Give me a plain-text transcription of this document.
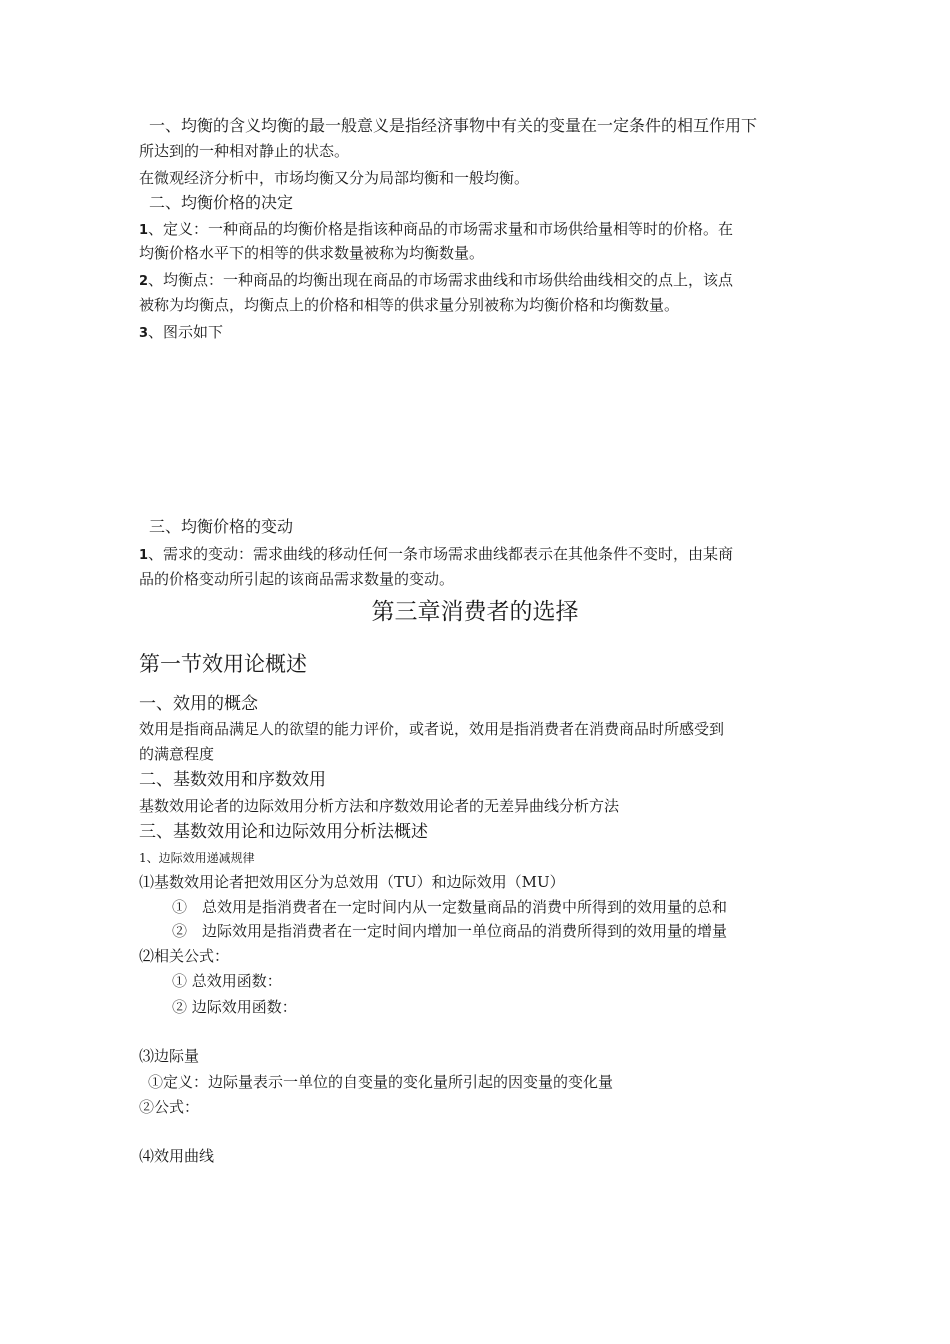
一、均衡的含义均衡的最一般意义是指经济事物中有关的变量在一定条件的相互作用下
所达到的一种相对静止的状态。
在微观经济分析中，市场均衡又分为局部均衡和一般均衡。
二、均衡价格的决定
1、定义：一种商品的均衡价格是指该种商品的市场需求量和市场供给量相等时的价格。在
均衡价格水平下的相等的供求数量被称为均衡数量。
2、均衡点：一种商品的均衡出现在商品的市场需求曲线和市场供给曲线相交的点上，该点
被称为均衡点，均衡点上的价格和相等的供求量分别被称为均衡价格和均衡数量。
3、图示如下
三、均衡价格的变动
1、需求的变动：需求曲线的移动任何一条市场需求曲线都表示在其他条件不变时，由某商
品的价格变动所引起的该商品需求数量的变动。
第三章消费者的选择
第一节效用论概述
一、效用的概念
效用是指商品满足人的欲望的能力评价，或者说，效用是指消费者在消费商品时所感受到
的满意程度
二、基数效用和序数效用
基数效用论者的边际效用分析方法和序数效用论者的无差异曲线分析方法
三、基数效用论和边际效用分析法概述
1、边际效用递减规律
⑴基数效用论者把效用区分为总效用（TU）和边际效用（MU）
①　总效用是指消费者在一定时间内从一定数量商品的消费中所得到的效用量的总和
②　边际效用是指消费者在一定时间内增加一单位商品的消费所得到的效用量的增量
⑵相关公式：
① 总效用函数：
② 边际效用函数：
⑶边际量
①定义：边际量表示一单位的自变量的变化量所引起的因变量的变化量
②公式：
⑷效用曲线
